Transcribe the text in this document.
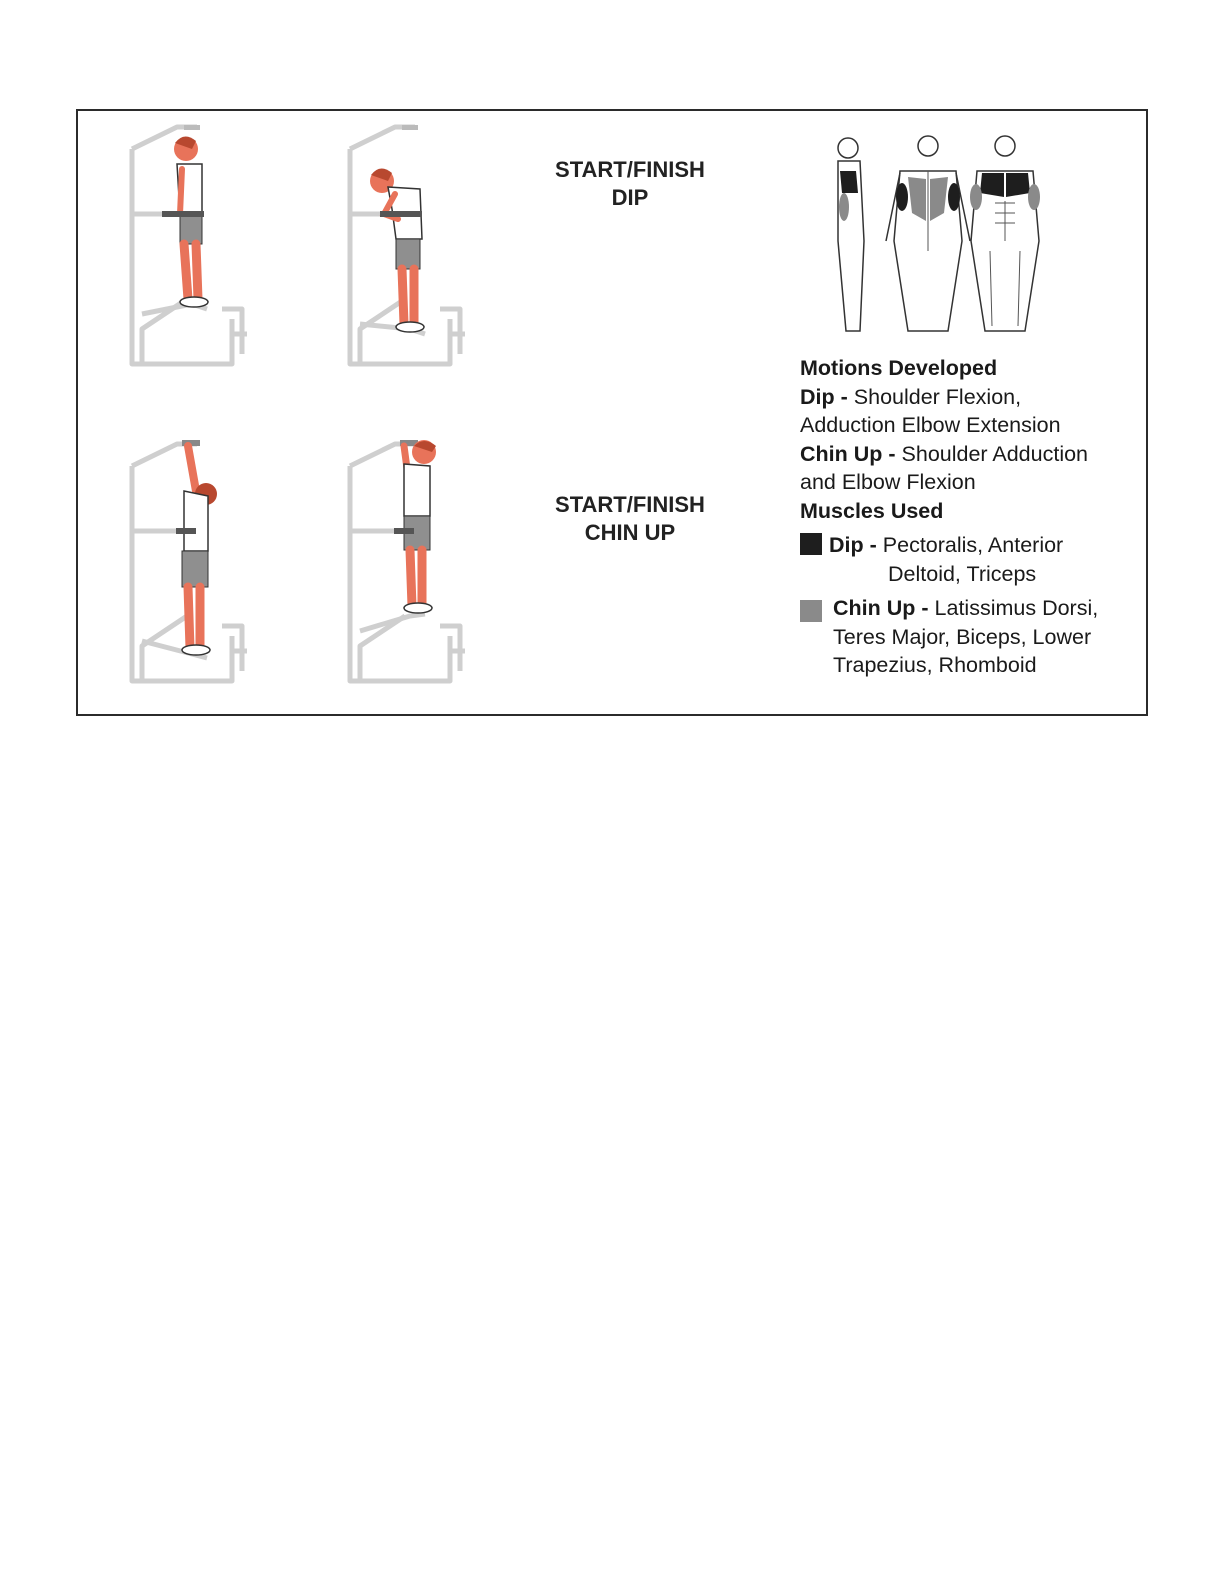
START/FINISH
DIP
START/FINISH
CHIN UP

Motions Developed

Dip - Shoulder Flexion,

Adduction Elbow Extension

Chin Up - Shoulder Adduction

and Elbow Flexion

Muscles Used

Dip - Pectoralis, Anterior
Deltoid, Triceps
Chin Up - Latissimus Dorsi,
Teres Major, Biceps, Lower
Trapezius, Rhomboid
